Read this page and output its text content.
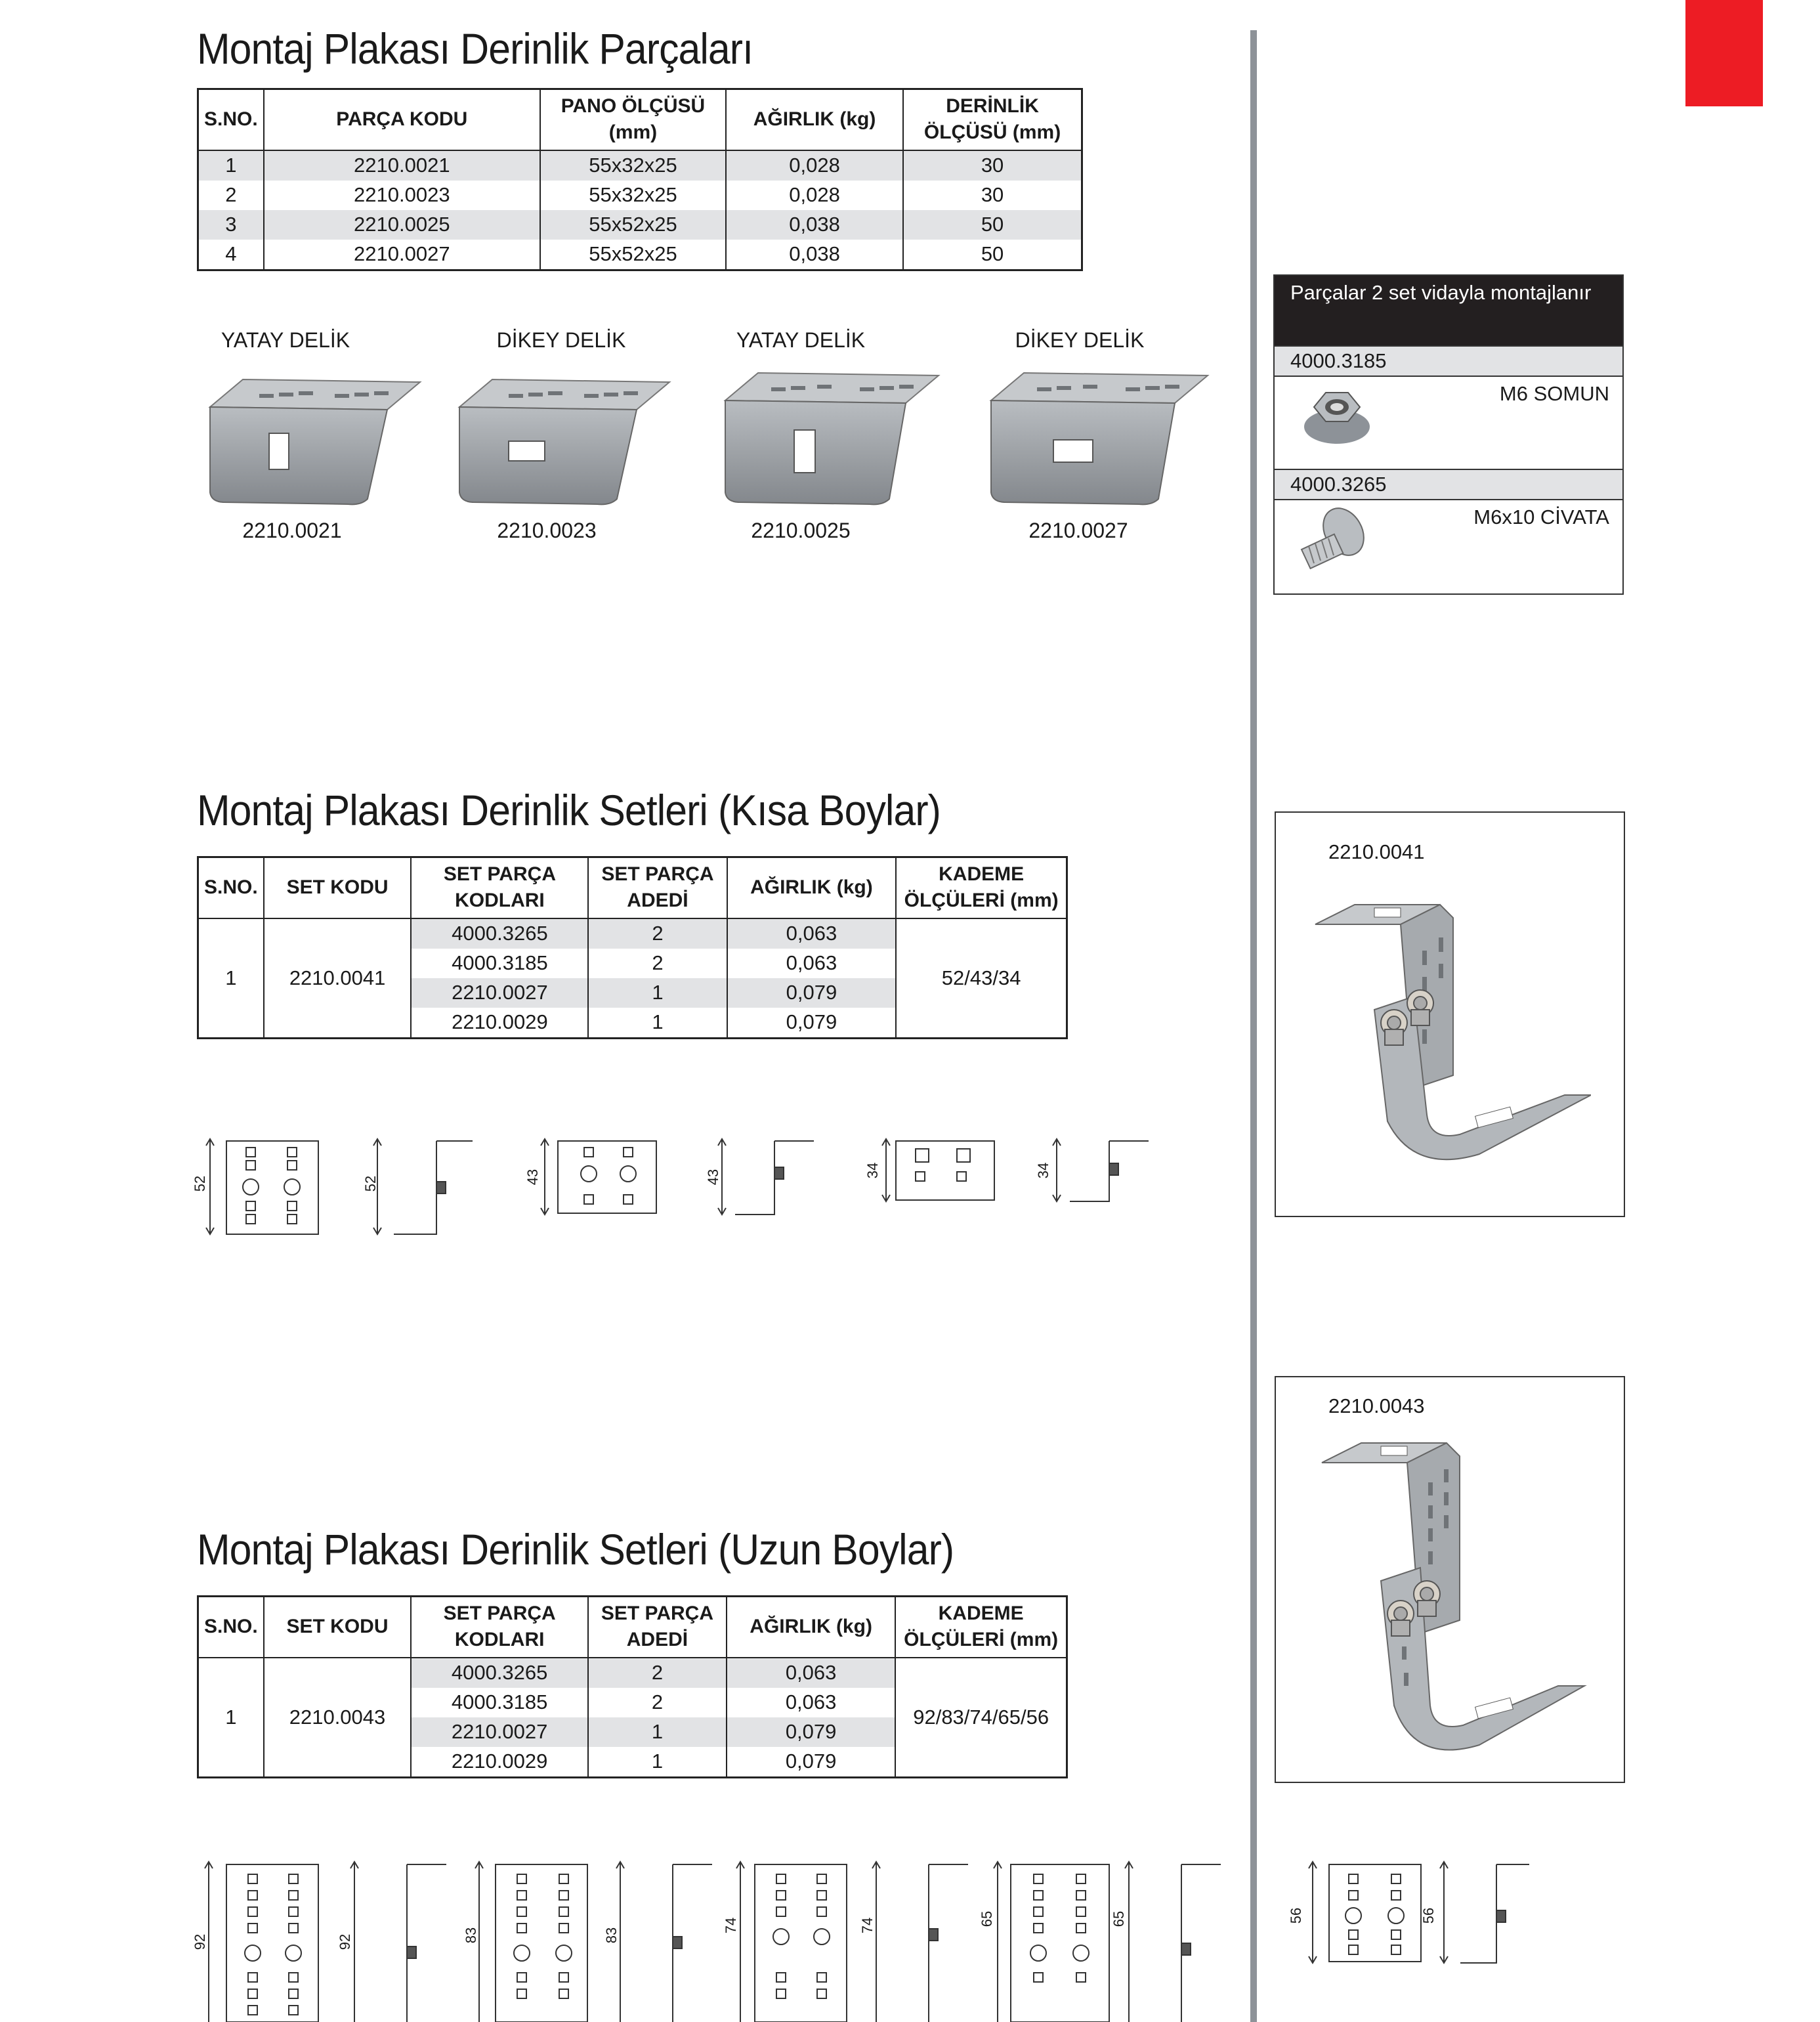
Montaj Plakası Derinlik Parçaları
S.NO.	PARÇA KODU	PANO ÖLÇÜSÜ (mm)	AĞIRLIK (kg)	DERİNLİK ÖLÇÜSÜ (mm)
1	2210.0021	55x32x25	0,028	30
2	2210.0023	55x32x25	0,028	30
3	2210.0025	55x52x25	0,038	50
4	2210.0027	55x52x25	0,038	50
YATAY DELİK	DİKEY DELİK	YATAY DELİK	DİKEY DELİK
2210.0021	2210.0023	2210.0025	2210.0027
Montaj Plakası Derinlik Setleri (Kısa Boylar)
S.NO.	SET KODU	SET PARÇA KODLARI	SET PARÇA ADEDİ	AĞIRLIK (kg)	KADEME ÖLÇÜLERİ (mm)
1	2210.0041	4000.3265	2	0,063	52/43/34
		4000.3185	2	0,063	
		2210.0027	1	0,079	
		2210.0029	1	0,079	
52	52	43	43	34	34
Montaj Plakası Derinlik Setleri (Uzun Boylar)
S.NO.	SET KODU	SET PARÇA KODLARI	SET PARÇA ADEDİ	AĞIRLIK (kg)	KADEME ÖLÇÜLERİ (mm)
1	2210.0043	4000.3265	2	0,063	92/83/74/65/56
		4000.3185	2	0,063	
		2210.0027	1	0,079	
		2210.0029	1	0,079	
92	92	83	83
74	74	65	65	56	56
Parçalar 2 set vidayla montajlanır
4000.3185
M6 SOMUN
4000.3265
M6x10 CİVATA
2210.0041
2210.0043
